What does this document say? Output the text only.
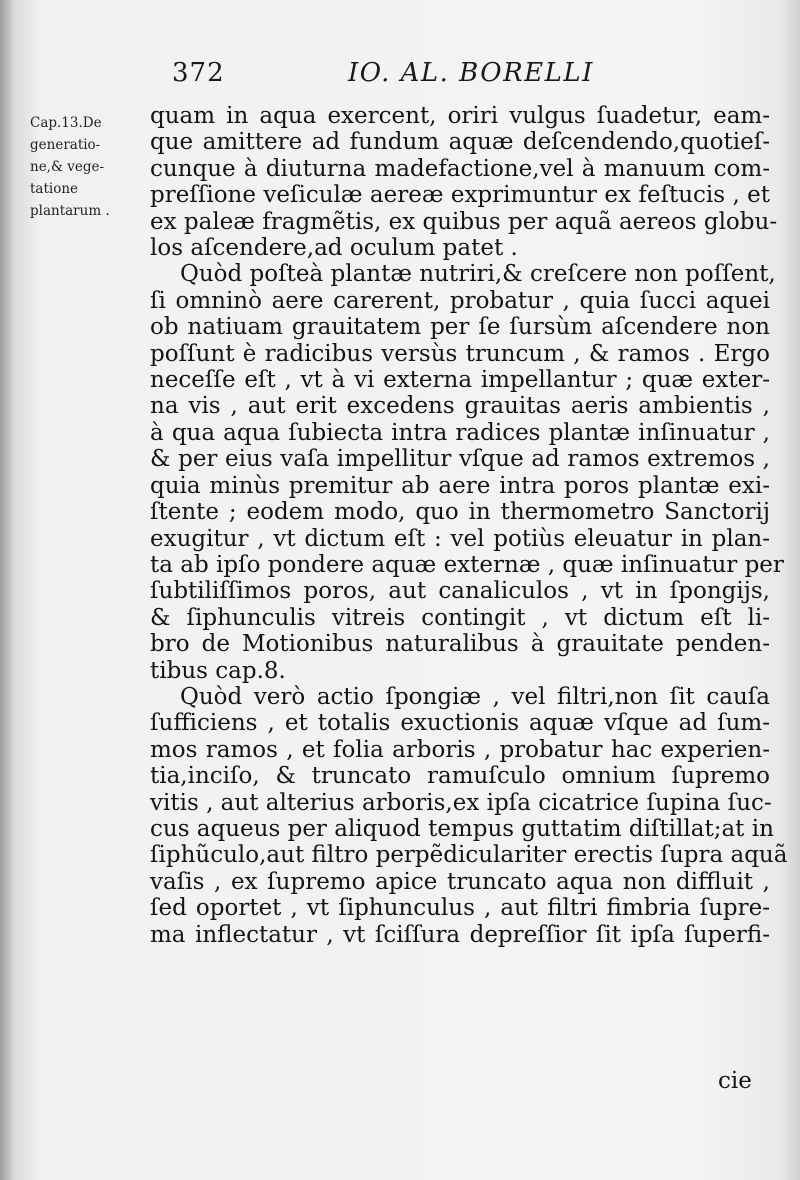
372	IO. AL. BORELLI
Cap.13.De
generatio-
ne,& vege-
tatione
plantarum .
quam in aqua exercent, oriri vulgus ſuadetur, eam-
que amittere ad fundum aquæ deſcendendo,quotieſ-
cunque à diuturna madefactione,vel à manuum com-
preſſione veſiculæ aereæ exprimuntur ex feſtucis , et
ex paleæ fragmẽtis, ex quibus per aquã aereos globu-
los aſcendere,ad oculum patet .
Quòd poſteà plantæ nutriri,& creſcere non poſſent,
ſi omninò aere carerent, probatur , quia ſucci aquei
ob natiuam grauitatem per ſe ſursùm aſcendere non
poſſunt è radicibus versùs truncum , & ramos . Ergo
neceſſe eſt , vt à vi externa impellantur ; quæ exter-
na vis , aut erit excedens grauitas aeris ambientis ,
à qua aqua ſubiecta intra radices plantæ inſinuatur ,
& per eius vaſa impellitur vſque ad ramos extremos ,
quia minùs premitur ab aere intra poros plantæ exi-
ſtente ; eodem modo, quo in thermometro Sanctorij
exugitur , vt dictum eſt : vel potiùs eleuatur in plan-
ta ab ipſo pondere aquæ externæ , quæ inſinuatur per
ſubtiliſſimos poros, aut canaliculos , vt in ſpongijs,
& ſiphunculis vitreis contingit , vt dictum eſt li-
bro de Motionibus naturalibus à grauitate penden-
tibus cap.8.
Quòd verò actio ſpongiæ , vel filtri,non ſit cauſa
ſufficiens , et totalis exuctionis aquæ vſque ad ſum-
mos ramos , et folia arboris , probatur hac experien-
tia,inciſo, & truncato ramuſculo omnium ſupremo
vitis , aut alterius arboris,ex ipſa cicatrice ſupina ſuc-
cus aqueus per aliquod tempus guttatim diſtillat;at in
ſiphũculo,aut filtro perpẽdiculariter erectis ſupra aquã
vaſis , ex ſupremo apice truncato aqua non diffluit ,
ſed oportet , vt ſiphunculus , aut filtri fimbria ſupre-
ma inflectatur , vt ſciſſura depreſſior ſit ipſa ſuperfi-
cie
